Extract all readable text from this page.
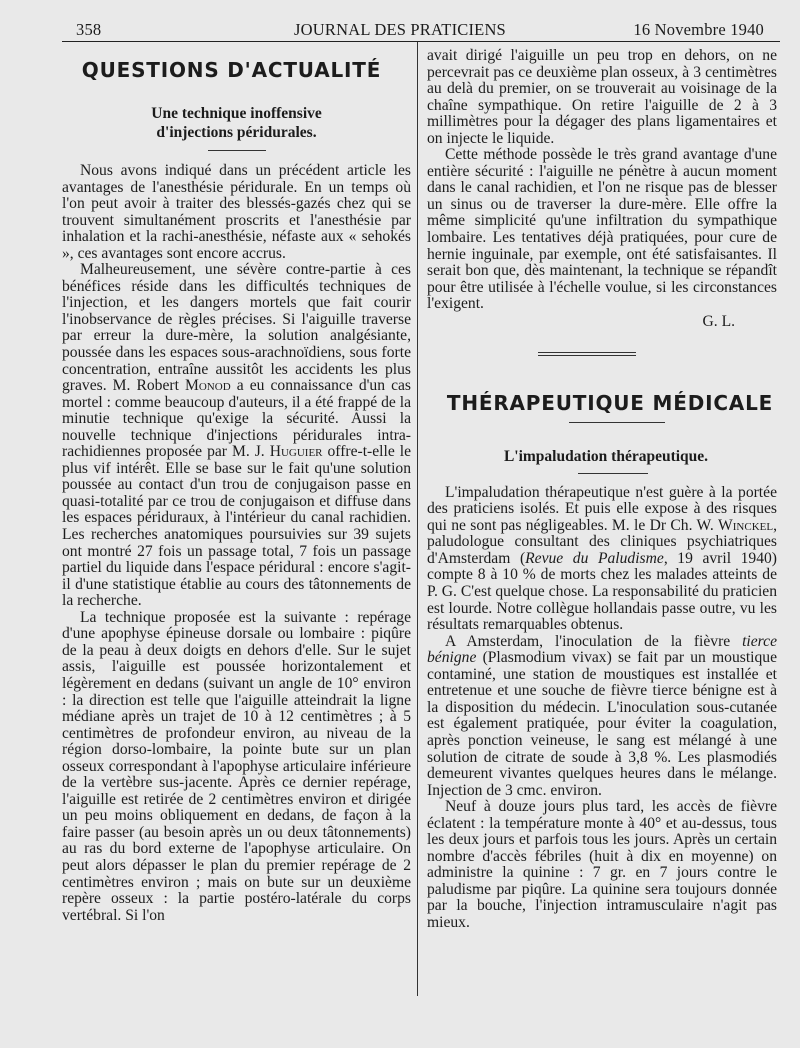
358	JOURNAL DES PRATICIENS	16 Novembre 1940
QUESTIONS D'ACTUALITÉ
Une technique inoffensive
d'injections péridurales.

Nous avons indiqué dans un précédent article les avantages de l'anesthésie péridurale. En un temps où l'on peut avoir à traiter des blessés-gazés chez qui se trouvent simultanément proscrits et l'anesthésie par inhalation et la rachi-anesthésie, néfaste aux « sehokés », ces avantages sont encore accrus.

Malheureusement, une sévère contre-partie à ces bénéfices réside dans les difficultés techniques de l'injection, et les dangers mortels que fait courir l'inobservance de règles précises. Si l'aiguille traverse par erreur la dure-mère, la solution analgésiante, poussée dans les espaces sous-arachnoïdiens, sous forte concentration, entraîne aussitôt les accidents les plus graves. M. Robert Monod a eu connaissance d'un cas mortel : comme beaucoup d'auteurs, il a été frappé de la minutie technique qu'exige la sécurité. Aussi la nouvelle technique d'injections péridurales intra-rachidiennes proposée par M. J. Huguier offre-t-elle le plus vif intérêt. Elle se base sur le fait qu'une solution poussée au contact d'un trou de conjugaison passe en quasi-totalité par ce trou de conjugaison et diffuse dans les espaces périduraux, à l'intérieur du canal rachidien. Les recherches anatomiques poursuivies sur 39 sujets ont montré 27 fois un passage total, 7 fois un passage partiel du liquide dans l'espace péridural : encore s'agit-il d'une statistique établie au cours des tâtonnements de la recherche.

La technique proposée est la suivante : repérage d'une apophyse épineuse dorsale ou lombaire : piqûre de la peau à deux doigts en dehors d'elle. Sur le sujet assis, l'aiguille est poussée horizontalement et légèrement en dedans (suivant un angle de 10° environ : la direction est telle que l'aiguille atteindrait la ligne médiane après un trajet de 10 à 12 centimètres ; à 5 centimètres de profondeur environ, au niveau de la région dorso-lombaire, la pointe bute sur un plan osseux correspondant à l'apophyse articulaire inférieure de la vertèbre sus-jacente. Après ce dernier repérage, l'aiguille est retirée de 2 centimètres environ et dirigée un peu moins obliquement en dedans, de façon à la faire passer (au besoin après un ou deux tâtonnements) au ras du bord externe de l'apophyse articulaire. On peut alors dépasser le plan du premier repérage de 2 centimètres environ ; mais on bute sur un deuxième repère osseux : la partie postéro-latérale du corps vertébral. Si l'on

avait dirigé l'aiguille un peu trop en dehors, on ne percevrait pas ce deuxième plan osseux, à 3 centimètres au delà du premier, on se trouverait au voisinage de la chaîne sympathique. On retire l'aiguille de 2 à 3 millimètres pour la dégager des plans ligamentaires et on injecte le liquide.

Cette méthode possède le très grand avantage d'une entière sécurité : l'aiguille ne pénètre à aucun moment dans le canal rachidien, et l'on ne risque pas de blesser un sinus ou de traverser la dure-mère. Elle offre la même simplicité qu'une infiltration du sympathique lombaire. Les tentatives déjà pratiquées, pour cure de hernie inguinale, par exemple, ont été satisfaisantes. Il serait bon que, dès maintenant, la technique se répandît pour être utilisée à l'échelle voulue, si les circonstances l'exigent.

G. L.

THÉRAPEUTIQUE MÉDICALE
L'impaludation thérapeutique.

L'impaludation thérapeutique n'est guère à la portée des praticiens isolés. Et puis elle expose à des risques qui ne sont pas négligeables. M. le Dr Ch. W. Winckel, paludologue consultant des cliniques psychiatriques d'Amsterdam (Revue du Paludisme, 19 avril 1940) compte 8 à 10 % de morts chez les malades atteints de P. G. C'est quelque chose. La responsabilité du praticien est lourde. Notre collègue hollandais passe outre, vu les résultats remarquables obtenus.

A Amsterdam, l'inoculation de la fièvre tierce bénigne (Plasmodium vivax) se fait par un moustique contaminé, une station de moustiques est installée et entretenue et une souche de fièvre tierce bénigne est à la disposition du médecin. L'inoculation sous-cutanée est également pratiquée, pour éviter la coagulation, après ponction veineuse, le sang est mélangé à une solution de citrate de soude à 3,8 %. Les plasmodiés demeurent vivantes quelques heures dans le mélange. Injection de 3 cmc. environ.

Neuf à douze jours plus tard, les accès de fièvre éclatent : la température monte à 40° et au-dessus, tous les deux jours et parfois tous les jours. Après un certain nombre d'accès fébriles (huit à dix en moyenne) on administre la quinine : 7 gr. en 7 jours contre le paludisme par piqûre. La quinine sera toujours donnée par la bouche, l'injection intramusculaire n'agit pas mieux.
